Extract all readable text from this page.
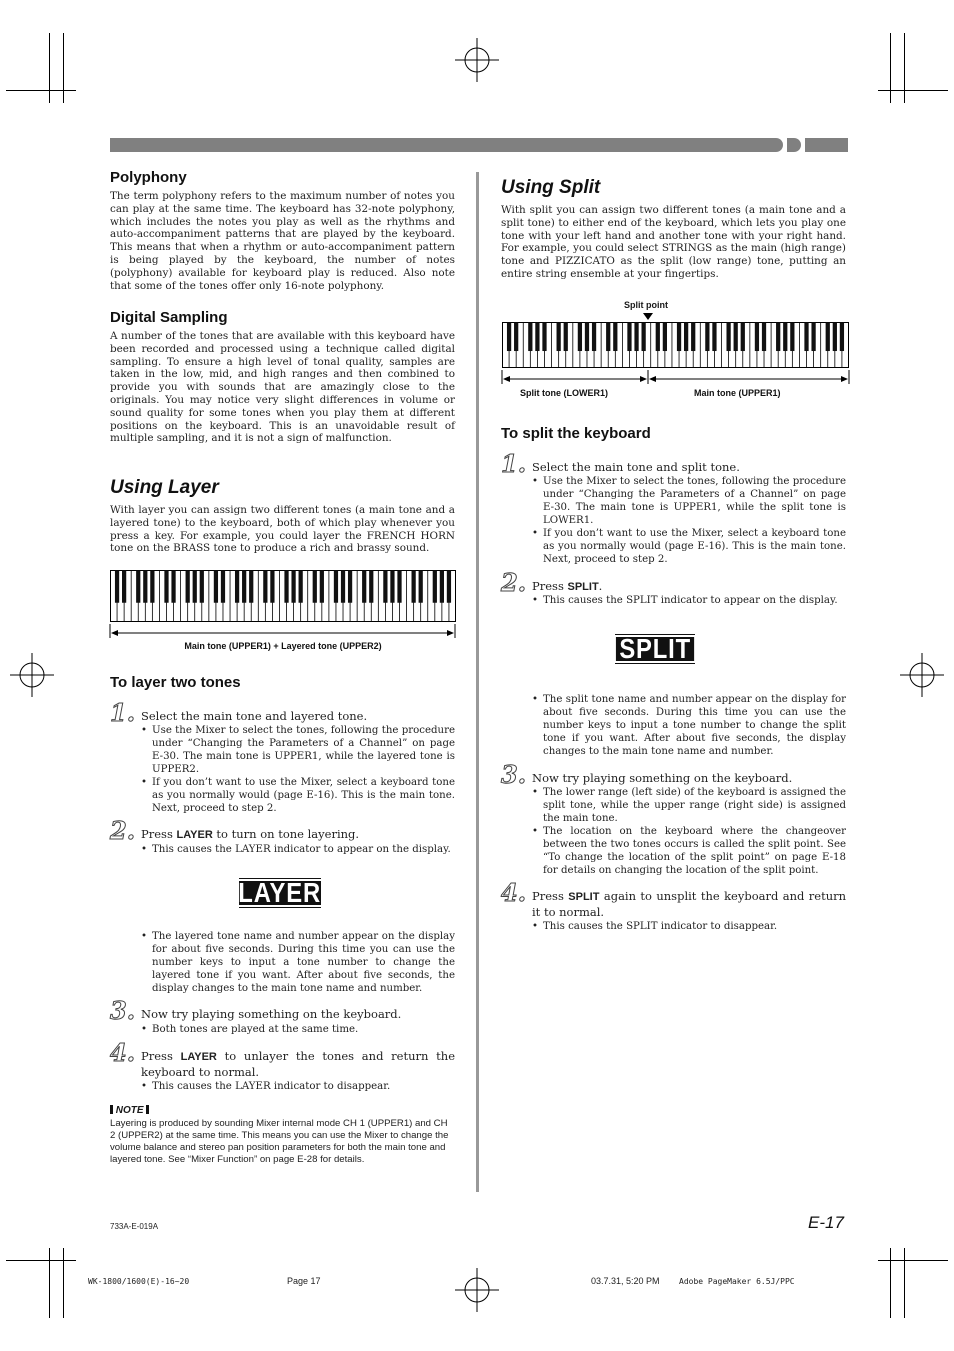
Polyphony
The term polyphony refers to the maximum number of notes you can play at the same time. The keyboard has 32-note polyphony, which includes the notes you play as well as the rhythms and auto-accompaniment patterns that are played by the keyboard. This means that when a rhythm or auto-accompaniment pattern is being played by the keyboard, the number of notes (polyphony) available for keyboard play is reduced. Also note that some of the tones offer only 16-note polyphony.
Digital Sampling
A number of the tones that are available with this keyboard have been recorded and processed using a technique called digital sampling. To ensure a high level of tonal quality, samples are taken in the low, mid, and high ranges and then combined to provide you with sounds that are amazingly close to the originals. You may notice very slight differences in volume or sound quality for some tones when you play them at different positions on the keyboard. This is an unavoidable result of multiple sampling, and it is not a sign of malfunction.
Using Layer
With layer you can assign two different tones (a main tone and a layered tone) to the keyboard, both of which play whenever you press a key. For example, you could layer the FRENCH HORN tone on the BRASS tone to produce a rich and brassy sound.
Main tone (UPPER1) + Layered tone (UPPER2)
To layer two tones
1. Select the main tone and layered tone.
• Use the Mixer to select the tones, following the procedure under “Changing the Parameters of a Channel” on page E-30. The main tone is UPPER1, while the layered tone is UPPER2.
• If you don’t want to use the Mixer, select a keyboard tone as you normally would (page E-16). This is the main tone. Next, proceed to step 2.
2. Press LAYER to turn on tone layering.
• This causes the LAYER indicator to appear on the display.
LAYER
• The layered tone name and number appear on the display for about five seconds. During this time you can use the number keys to input a tone number to change the layered tone if you want. After about five seconds, the display changes to the main tone name and number.
3. Now try playing something on the keyboard.
• Both tones are played at the same time.
4. Press LAYER to unlayer the tones and return the keyboard to normal.
• This causes the LAYER indicator to disappear.
NOTE
Layering is produced by sounding Mixer internal mode CH 1 (UPPER1) and CH 2 (UPPER2) at the same time. This means you can use the Mixer to change the volume balance and stereo pan position parameters for both the main tone and layered tone. See “Mixer Function” on page E-28 for details.
Using Split
With split you can assign two different tones (a main tone and a split tone) to either end of the keyboard, which lets you play one tone with your left hand and another tone with your right hand. For example, you could select STRINGS as the main (high range) tone and PIZZICATO as the split (low range) tone, putting an entire string ensemble at your fingertips.
Split point
Split tone (LOWER1)	Main tone (UPPER1)
To split the keyboard
1. Select the main tone and split tone.
• Use the Mixer to select the tones, following the procedure under “Changing the Parameters of a Channel” on page E-30. The main tone is UPPER1, while the split tone is LOWER1.
• If you don’t want to use the Mixer, select a keyboard tone as you normally would (page E-16). This is the main tone. Next, proceed to step 2.
2. Press SPLIT.
• This causes the SPLIT indicator to appear on the display.
SPLIT
• The split tone name and number appear on the display for about five seconds. During this time you can use the number keys to input a tone number to change the split tone if you want. After about five seconds, the display changes to the main tone name and number.
3. Now try playing something on the keyboard.
• The lower range (left side) of the keyboard is assigned the split tone, while the upper range (right side) is assigned the main tone.
• The location on the keyboard where the changeover between the two tones occurs is called the split point. See “To change the location of the split point” on page E-18 for details on changing the location of the split point.
4. Press SPLIT again to unsplit the keyboard and return it to normal.
• This causes the SPLIT indicator to disappear.
E-17
733A-E-019A
WK-1800/1600(E)-16~20	Page 17	03.7.31, 5:20 PM Adobe PageMaker 6.5J/PPC
